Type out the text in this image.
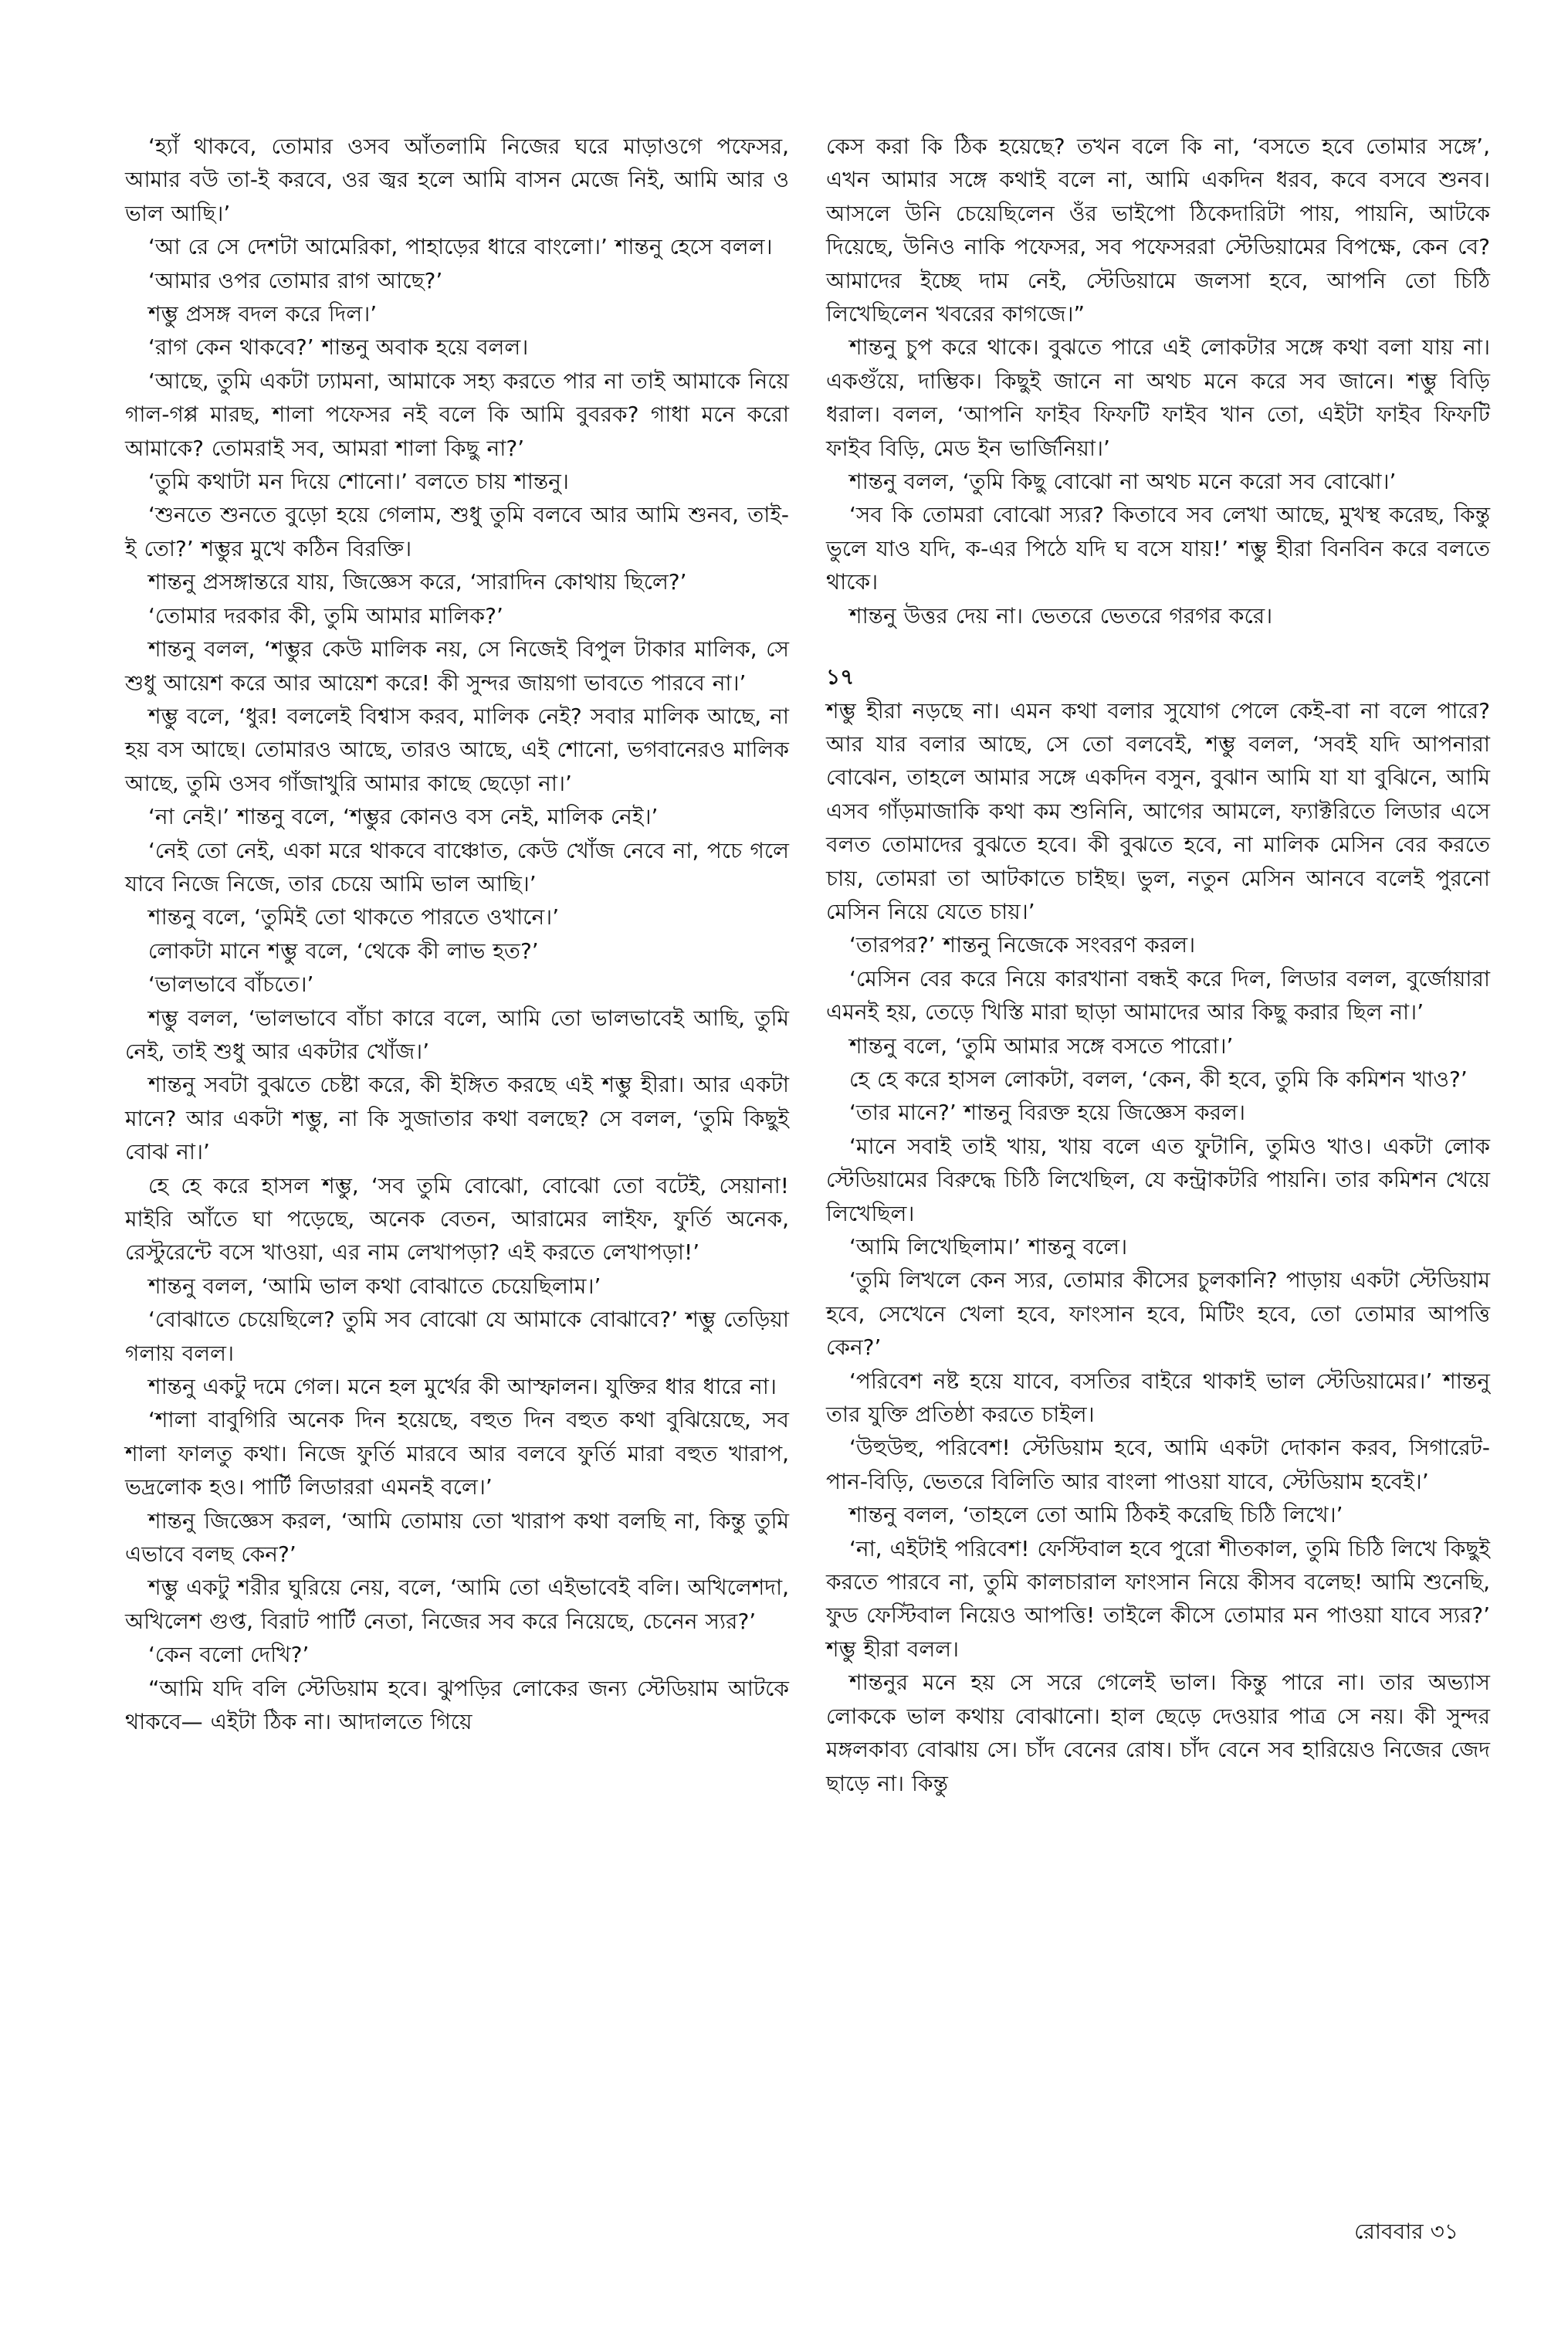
‘হ্যাঁ থাকবে, তোমার ওসব আঁতলামি নিজের ঘরে মাড়াওগে পফেসর, আমার বউ তা-ই করবে, ওর জ্বর হলে আমি বাসন মেজে নিই, আমি আর ও ভাল আছি।’

‘আ রে সে দেশটা আমেরিকা, পাহাড়ের ধারে বাংলো।’ শান্তনু হেসে বলল।

‘আমার ওপর তোমার রাগ আছে?’

শম্ভু প্রসঙ্গ বদল করে দিল।’

‘রাগ কেন থাকবে?’ শান্তনু অবাক হয়ে বলল।

‘আছে, তুমি একটা ঢ্যামনা, আমাকে সহ্য করতে পার না তাই আমাকে নিয়ে গাল-গপ্প মারছ, শালা পফেসর নই বলে কি আমি বুবরক? গাধা মনে করো আমাকে? তোমরাই সব, আমরা শালা কিছু না?’

‘তুমি কথাটা মন দিয়ে শোনো।’ বলতে চায় শান্তনু।

‘শুনতে শুনতে বুড়ো হয়ে গেলাম, শুধু তুমি বলবে আর আমি শুনব, তাই-ই তো?’ শম্ভুর মুখে কঠিন বিরক্তি।

শান্তনু প্রসঙ্গান্তরে যায়, জিজ্ঞেস করে, ‘সারাদিন কোথায় ছিলে?’

‘তোমার দরকার কী, তুমি আমার মালিক?’

শান্তনু বলল, ‘শম্ভুর কেউ মালিক নয়, সে নিজেই বিপুল টাকার মালিক, সে শুধু আয়েশ করে আর আয়েশ করে! কী সুন্দর জায়গা ভাবতে পারবে না।’

শম্ভু বলে, ‘ধুর! বললেই বিশ্বাস করব, মালিক নেই? সবার মালিক আছে, না হয় বস আছে। তোমারও আছে, তারও আছে, এই শোনো, ভগবানেরও মালিক আছে, তুমি ওসব গাঁজাখুরি আমার কাছে ছেড়ো না।’

‘না নেই।’ শান্তনু বলে, ‘শম্ভুর কোনও বস নেই, মালিক নেই।’

‘নেই তো নেই, একা মরে থাকবে বাঞ্চোত, কেউ খোঁজ নেবে না, পচে গলে যাবে নিজে নিজে, তার চেয়ে আমি ভাল আছি।’

শান্তনু বলে, ‘তুমিই তো থাকতে পারতে ওখানে।’

লোকটা মানে শম্ভু বলে, ‘থেকে কী লাভ হত?’

‘ভালভাবে বাঁচতে।’

শম্ভু বলল, ‘ভালভাবে বাঁচা কারে বলে, আমি তো ভালভাবেই আছি, তুমি নেই, তাই শুধু আর একটার খোঁজ।’

শান্তনু সবটা বুঝতে চেষ্টা করে, কী ইঙ্গিত করছে এই শম্ভু হীরা। আর একটা মানে? আর একটা শম্ভু, না কি সুজাতার কথা বলছে? সে বলল, ‘তুমি কিছুই বোঝ না।’

হে হে করে হাসল শম্ভু, ‘সব তুমি বোঝো, বোঝো তো বটেই, সেয়ানা! মাইরি আঁতে ঘা পড়েছে, অনেক বেতন, আরামের লাইফ, ফুর্তি অনেক, রেস্টুরেন্টে বসে খাওয়া, এর নাম লেখাপড়া? এই করতে লেখাপড়া!’

শান্তনু বলল, ‘আমি ভাল কথা বোঝাতে চেয়েছিলাম।’

‘বোঝাতে চেয়েছিলে? তুমি সব বোঝো যে আমাকে বোঝাবে?’ শম্ভু তেড়িয়া গলায় বলল।

শান্তনু একটু দমে গেল। মনে হল মুর্খের কী আস্ফালন। যুক্তির ধার ধারে না।

‘শালা বাবুগিরি অনেক দিন হয়েছে, বহুত দিন বহুত কথা বুঝিয়েছে, সব শালা ফালতু কথা। নিজে ফুর্তি মারবে আর বলবে ফুর্তি মারা বহুত খারাপ, ভদ্রলোক হও। পার্টি লিডাররা এমনই বলে।’

শান্তনু জিজ্ঞেস করল, ‘আমি তোমায় তো খারাপ কথা বলছি না, কিন্তু তুমি এভাবে বলছ কেন?’

শম্ভু একটু শরীর ঘুরিয়ে নেয়, বলে, ‘আমি তো এইভাবেই বলি। অখিলেশদা, অখিলেশ গুপ্ত, বিরাট পার্টি নেতা, নিজের সব করে নিয়েছে, চেনেন স্যর?’

‘কেন বলো দেখি?’

“আমি যদি বলি স্টেডিয়াম হবে। ঝুপড়ির লোকের জন্য স্টেডিয়াম আটকে থাকবে— এইটা ঠিক না। আদালতে গিয়ে

কেস করা কি ঠিক হয়েছে? তখন বলে কি না, ‘বসতে হবে তোমার সঙ্গে’, এখন আমার সঙ্গে কথাই বলে না, আমি একদিন ধরব, কবে বসবে শুনব। আসলে উনি চেয়েছিলেন ওঁর ভাইপো ঠিকেদারিটা পায়, পায়নি, আটকে দিয়েছে, উনিও নাকি পফেসর, সব পফেসররা স্টেডিয়ামের বিপক্ষে, কেন বে? আমাদের ইচ্ছে দাম নেই, স্টেডিয়ামে জলসা হবে, আপনি তো চিঠি লিখেছিলেন খবরের কাগজে।”

শান্তনু চুপ করে থাকে। বুঝতে পারে এই লোকটার সঙ্গে কথা বলা যায় না। একগুঁয়ে, দাম্ভিক। কিছুই জানে না অথচ মনে করে সব জানে। শম্ভু বিড়ি ধরাল। বলল, ‘আপনি ফাইব ফিফটি ফাইব খান তো, এইটা ফাইব ফিফটি ফাইব বিড়ি, মেড ইন ভার্জিনিয়া।’

শান্তনু বলল, ‘তুমি কিছু বোঝো না অথচ মনে করো সব বোঝো।’

‘সব কি তোমরা বোঝো স্যর? কিতাবে সব লেখা আছে, মুখস্থ করেছ, কিন্তু ভুলে যাও যদি, ক-এর পিঠে যদি ঘ বসে যায়!’ শম্ভু হীরা বিনবিন করে বলতে থাকে।

শান্তনু উত্তর দেয় না। ভেতরে ভেতরে গরগর করে।

১৭

শম্ভু হীরা নড়ছে না। এমন কথা বলার সুযোগ পেলে কেই-বা না বলে পারে? আর যার বলার আছে, সে তো বলবেই, শম্ভু বলল, ‘সবই যদি আপনারা বোঝেন, তাহলে আমার সঙ্গে একদিন বসুন, বুঝান আমি যা যা বুঝিনে, আমি এসব গাঁড়মাজাকি কথা কম শুনিনি, আগের আমলে, ফ্যাক্টরিতে লিডার এসে বলত তোমাদের বুঝতে হবে। কী বুঝতে হবে, না মালিক মেসিন বের করতে চায়, তোমরা তা আটকাতে চাইছ। ভুল, নতুন মেসিন আনবে বলেই পুরনো মেসিন নিয়ে যেতে চায়।’

‘তারপর?’ শান্তনু নিজেকে সংবরণ করল।

‘মেসিন বের করে নিয়ে কারখানা বন্ধই করে দিল, লিডার বলল, বুর্জোয়ারা এমনই হয়, তেড়ে খিস্তি মারা ছাড়া আমাদের আর কিছু করার ছিল না।’

শান্তনু বলে, ‘তুমি আমার সঙ্গে বসতে পারো।’

হে হে করে হাসল লোকটা, বলল, ‘কেন, কী হবে, তুমি কি কমিশন খাও?’

‘তার মানে?’ শান্তনু বিরক্ত হয়ে জিজ্ঞেস করল।

‘মানে সবাই তাই খায়, খায় বলে এত ফুটানি, তুমিও খাও। একটা লোক স্টেডিয়ামের বিরুদ্ধে চিঠি লিখেছিল, যে কন্ট্রাকটরি পায়নি। তার কমিশন খেয়ে লিখেছিল।

‘আমি লিখেছিলাম।’ শান্তনু বলে।

‘তুমি লিখলে কেন স্যর, তোমার কীসের চুলকানি? পাড়ায় একটা স্টেডিয়াম হবে, সেখেনে খেলা হবে, ফাংসান হবে, মিটিং হবে, তো তোমার আপত্তি কেন?’

‘পরিবেশ নষ্ট হয়ে যাবে, বসতির বাইরে থাকাই ভাল স্টেডিয়ামের।’ শান্তনু তার যুক্তি প্রতিষ্ঠা করতে চাইল।

‘উহুউহু, পরিবেশ! স্টেডিয়াম হবে, আমি একটা দোকান করব, সিগারেট-পান-বিড়ি, ভেতরে বিলিতি আর বাংলা পাওয়া যাবে, স্টেডিয়াম হবেই।’

শান্তনু বলল, ‘তাহলে তো আমি ঠিকই করেছি চিঠি লিখে।’

‘না, এইটাই পরিবেশ! ফেস্টিবাল হবে পুরো শীতকাল, তুমি চিঠি লিখে কিছুই করতে পারবে না, তুমি কালচারাল ফাংসান নিয়ে কীসব বলেছ! আমি শুনেছি, ফুড ফেস্টিবাল নিয়েও আপত্তি! তাইলে কীসে তোমার মন পাওয়া যাবে স্যর?’ শম্ভু হীরা বলল।

শান্তনুর মনে হয় সে সরে গেলেই ভাল। কিন্তু পারে না। তার অভ্যাস লোককে ভাল কথায় বোঝানো। হাল ছেড়ে দেওয়ার পাত্র সে নয়। কী সুন্দর মঙ্গলকাব্য বোঝায় সে। চাঁদ বেনের রোষ। চাঁদ বেনে সব হারিয়েও নিজের জেদ ছাড়ে না। কিন্তু

রোববার ৩১
